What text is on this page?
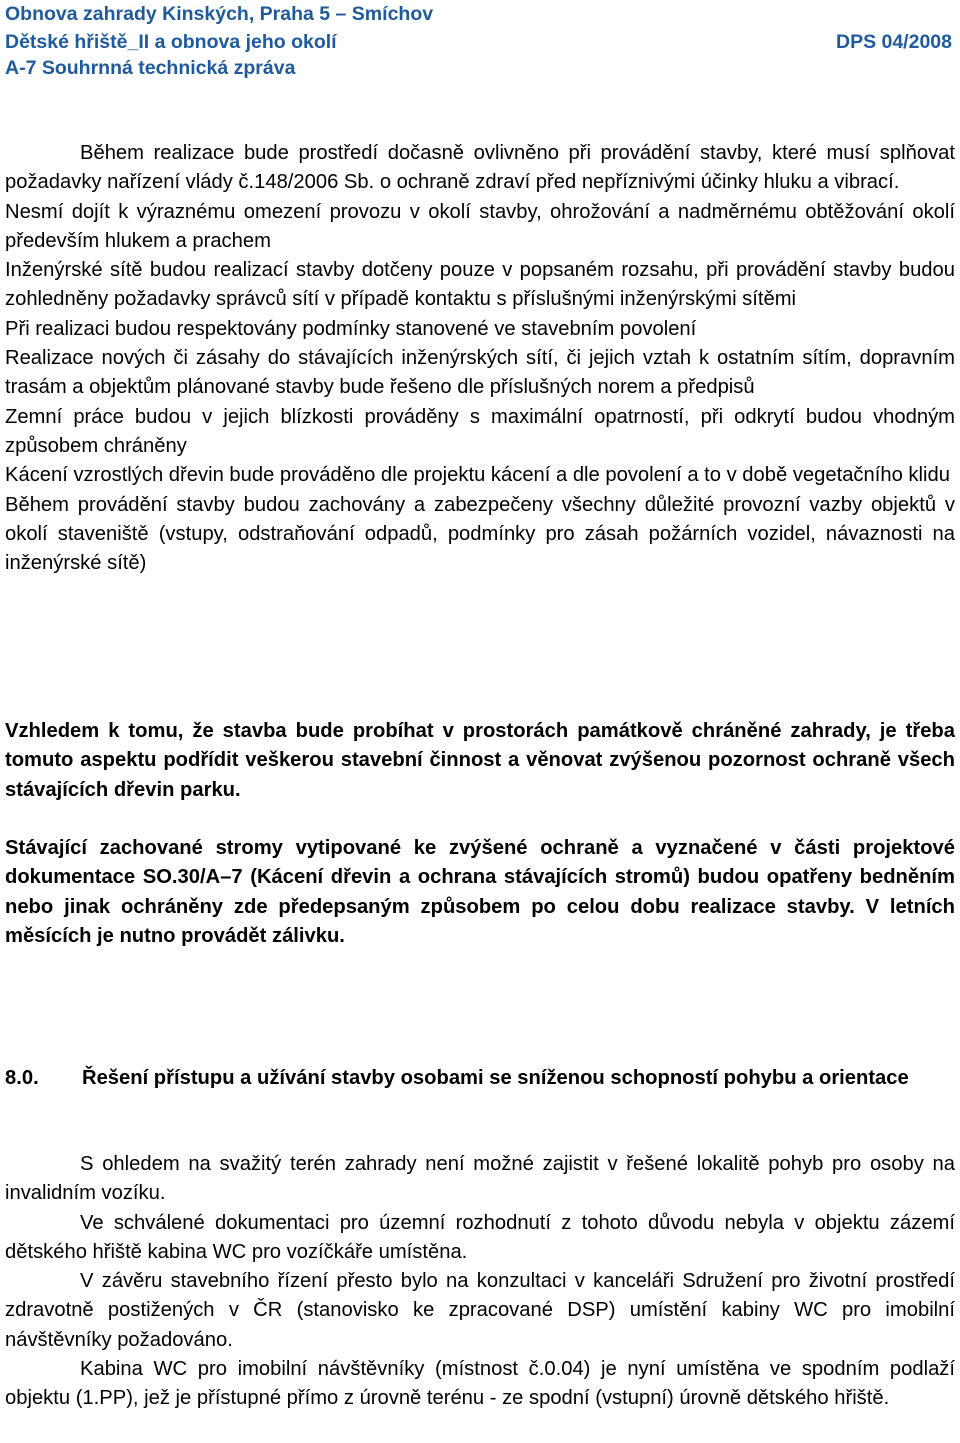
Obnova zahrady Kinských, Praha 5 – Smíchov
Dětské hřiště_II a obnova jeho okolí	DPS 04/2008
A-7 Souhrnná technická zpráva

Během realizace bude prostředí dočasně ovlivněno při provádění stavby, které musí splňovat požadavky nařízení vlády č.148/2006 Sb. o ochraně zdraví před nepříznivými účinky hluku a vibrací.

Nesmí dojít k výraznému omezení provozu v okolí stavby, ohrožování a nadměrnému obtěžování okolí především hlukem a prachem

Inženýrské sítě budou realizací stavby dotčeny pouze v popsaném rozsahu, při provádění stavby budou zohledněny požadavky správců sítí v případě kontaktu s příslušnými inženýrskými sítěmi

Při realizaci budou respektovány podmínky stanovené ve stavebním povolení

Realizace nových či zásahy do stávajících inženýrských sítí, či jejich vztah k ostatním sítím, dopravním trasám a objektům plánované stavby bude řešeno dle příslušných norem a předpisů

Zemní práce budou v jejich blízkosti prováděny s maximální opatrností, při odkrytí budou vhodným způsobem chráněny

Kácení vzrostlých dřevin bude prováděno dle projektu kácení a dle povolení a to v době vegetačního klidu

Během provádění stavby budou zachovány a zabezpečeny všechny důležité provozní vazby objektů v okolí staveniště (vstupy, odstraňování odpadů, podmínky pro zásah požárních vozidel, návaznosti na inženýrské sítě)

Vzhledem k tomu, že stavba bude probíhat v prostorách památkově chráněné zahrady, je třeba tomuto aspektu podřídit veškerou stavební činnost a věnovat zvýšenou pozornost ochraně všech stávajících dřevin parku.
Stávající zachované stromy vytipované ke zvýšené ochraně a vyznačené v části projektové dokumentace SO.30/A–7 (Kácení dřevin a ochrana stávajících stromů) budou opatřeny bedněním nebo jinak ochráněny zde předepsaným způsobem po celou dobu realizace stavby. V letních měsících je nutno provádět zálivku.
8.0. Řešení přístupu a užívání stavby osobami se sníženou schopností pohybu a orientace

S ohledem na svažitý terén zahrady není možné zajistit v řešené lokalitě pohyb pro osoby na invalidním vozíku.

Ve schválené dokumentaci pro územní rozhodnutí z tohoto důvodu nebyla v objektu zázemí dětského hřiště kabina WC pro vozíčkáře umístěna.

V závěru stavebního řízení přesto bylo na konzultaci v kanceláři Sdružení pro životní prostředí zdravotně postižených v ČR (stanovisko ke zpracované DSP) umístění kabiny WC pro imobilní návštěvníky požadováno.

Kabina WC pro imobilní návštěvníky (místnost č.0.04) je nyní umístěna ve spodním podlaží objektu (1.PP), jež je přístupné přímo z úrovně terénu - ze spodní (vstupní) úrovně dětského hřiště.
